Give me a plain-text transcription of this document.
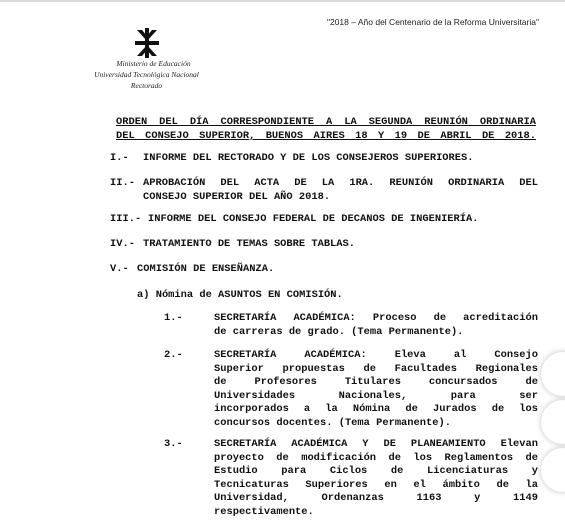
"2018 – Año del Centenario de la Reforma Universitaria"
Ministerio de Educación
Universidad Tecnológica Nacional
Rectorado
ORDEN DEL DÍA CORRESPONDIENTE A LA SEGUNDA REUNIÓN ORDINARIA
DEL CONSEJO SUPERIOR, BUENOS AIRES 18 Y 19 DE ABRIL DE 2018.
I.- INFORME DEL RECTORADO Y DE LOS CONSEJEROS SUPERIORES.
II.- APROBACIÓN DEL ACTA DE LA 1RA. REUNIÓN ORDINARIA DEL
CONSEJO SUPERIOR DEL AÑO 2018.
III.- INFORME DEL CONSEJO FEDERAL DE DECANOS DE INGENIERÍA.
IV.- TRATAMIENTO DE TEMAS SOBRE TABLAS.
V.- COMISIÓN DE ENSEÑANZA.
a) Nómina de ASUNTOS EN COMISIÓN.
1.-	SECRETARÍA ACADÉMICA: Proceso de acreditación
de carreras de grado. (Tema Permanente).
2.-	SECRETARÍA ACADÉMICA: Eleva al Consejo
Superior propuestas de Facultades Regionales
de Profesores Titulares concursados de
Universidades Nacionales, para ser
incorporados a la Nómina de Jurados de los
concursos docentes. (Tema Permanente).
3.-	SECRETARÍA ACADÉMICA Y DE PLANEAMIENTO Elevan
proyecto de modificación de los Reglamentos de
Estudio para Ciclos de Licenciaturas y
Tecnicaturas Superiores en el ámbito de la
Universidad, Ordenanzas 1163 y 1149
respectivamente.
